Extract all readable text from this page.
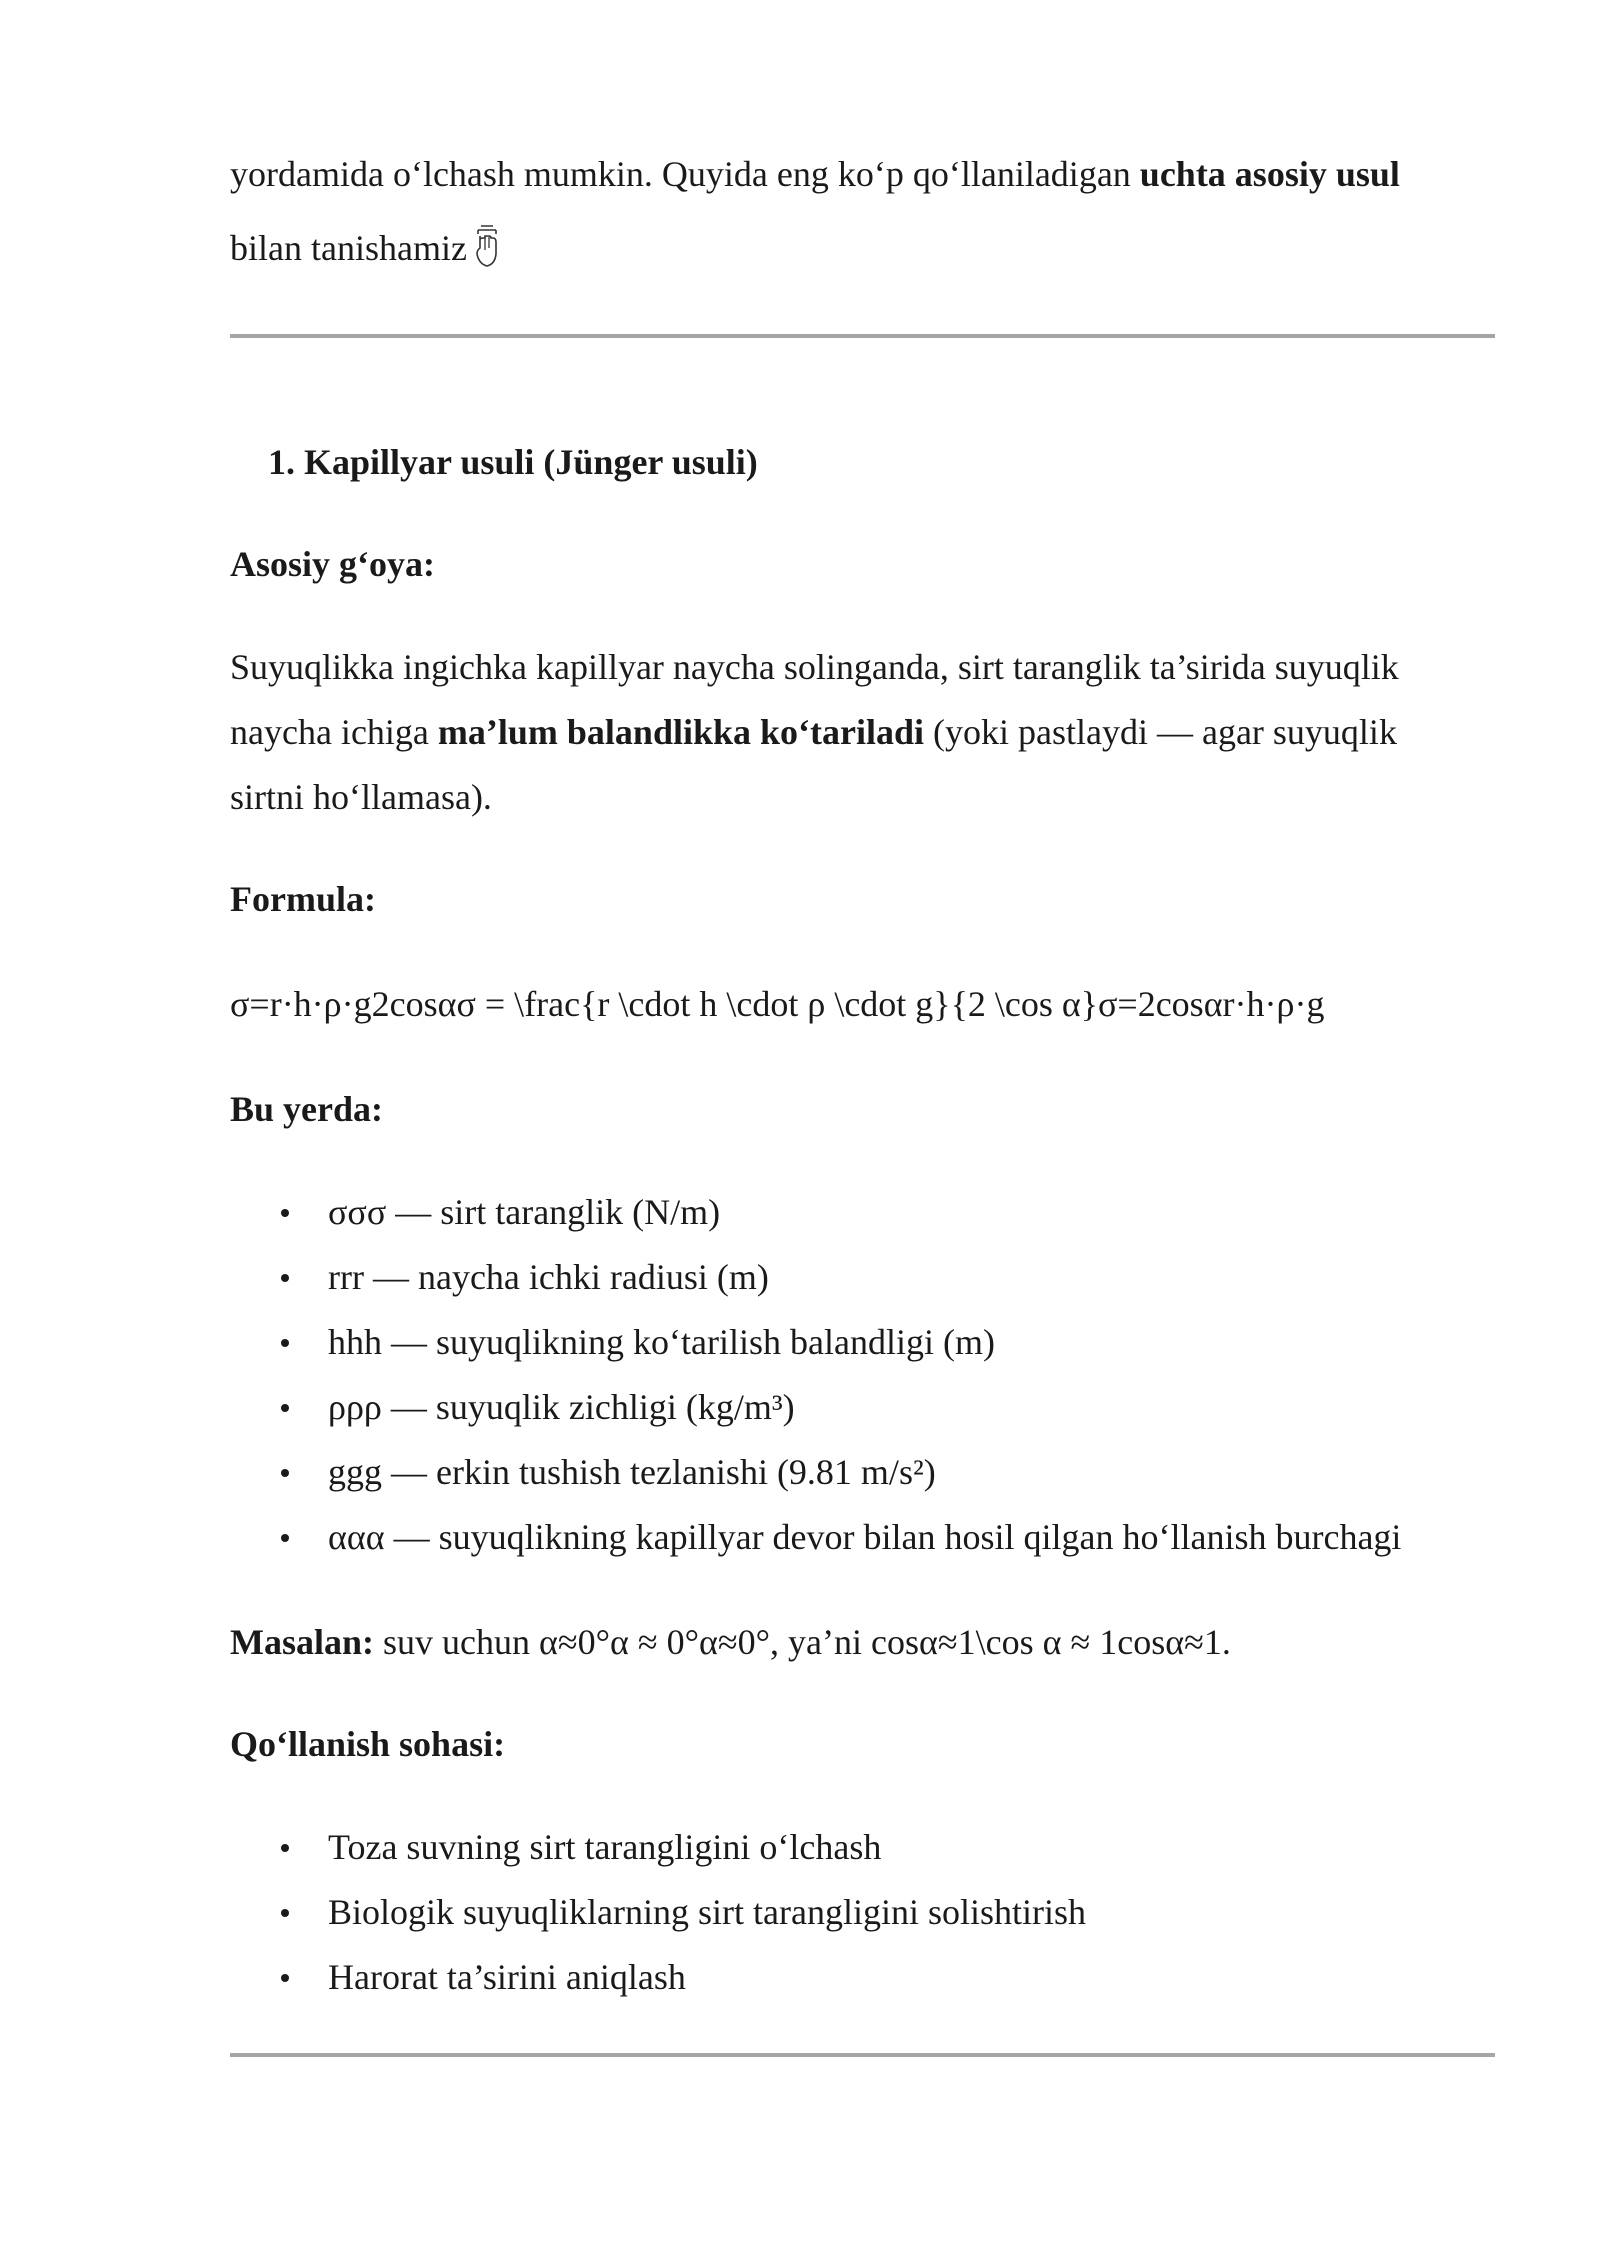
yordamida o‘lchash mumkin. Quyida eng ko‘p qo‘llaniladigan uchta asosiy usul
bilan tanishamiz
1. Kapillyar usuli (Jünger usuli)
Asosiy g‘oya:
Suyuqlikka ingichka kapillyar naycha solinganda, sirt taranglik ta’sirida suyuqlik
naycha ichiga ma’lum balandlikka ko‘tariladi (yoki pastlaydi — agar suyuqlik
sirtni ho‘llamasa).
Formula:
σ=r·h·ρ·g2cosασ = \frac{r \cdot h \cdot ρ \cdot g}{2 \cos α}σ=2cosαr·h·ρ·g
Bu yerda:
σσσ — sirt taranglik (N/m)
rrr — naycha ichki radiusi (m)
hhh — suyuqlikning ko‘tarilish balandligi (m)
ρρρ — suyuqlik zichligi (kg/m³)
ggg — erkin tushish tezlanishi (9.81 m/s²)
ααα — suyuqlikning kapillyar devor bilan hosil qilgan ho‘llanish burchagi
Masalan: suv uchun α≈0°α ≈ 0°α≈0°, ya’ni cosα≈1\cos α ≈ 1cosα≈1.
Qo‘llanish sohasi:
Toza suvning sirt tarangligini o‘lchash
Biologik suyuqliklarning sirt tarangligini solishtirish
Harorat ta’sirini aniqlash
